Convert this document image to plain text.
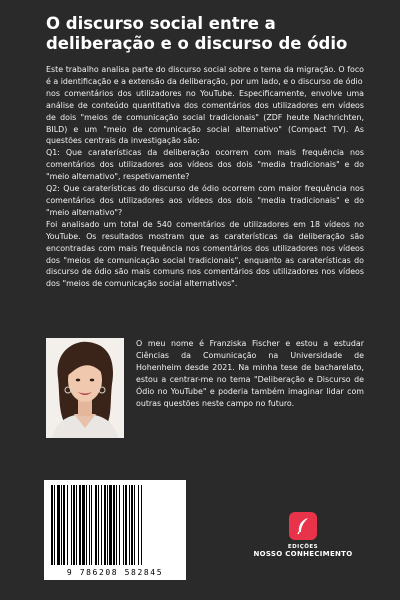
O discurso social entre a deliberação e o discurso de ódio

Este trabalho analisa parte do discurso social sobre o tema da migração. O foco é a identificação e a extensão da deliberação, por um lado, e o discurso de ódio

nos comentários dos utilizadores no YouTube. Especificamente, envolve uma análise de conteúdo quantitativa dos comentários dos utilizadores em vídeos de dois "meios de comunicação social tradicionais" (ZDF heute Nachrichten, BILD) e um "meio de comunicação social alternativo" (Compact TV). As questões centrais da investigação são:

Q1: Que caraterísticas da deliberação ocorrem com mais frequência nos comentários dos utilizadores aos vídeos dos dois "media tradicionais" e do "meio alternativo", respetivamente?

Q2: Que caraterísticas do discurso de ódio ocorrem com maior frequência nos comentários dos utilizadores aos vídeos dos dois "media tradicionais" e do "meio alternativo"?

Foi analisado um total de 540 comentários de utilizadores em 18 vídeos no YouTube. Os resultados mostram que as caraterísticas da deliberação são encontradas com mais frequência nos comentários dos utilizadores nos vídeos dos "meios de comunicação social tradicionais", enquanto as caraterísticas do discurso de ódio são mais comuns nos comentários dos utilizadores nos vídeos dos "meios de comunicação social alternativos".

O meu nome é Franziska Fischer e estou a estudar Ciências da Comunicação na Universidade de Hohenheim desde 2021. Na minha tese de bacharelato, estou a centrar-me no tema "Deliberação e Discurso de Ódio no YouTube" e poderia também imaginar lidar com outras questões neste campo no futuro.
9 786208 582845
EDIÇÕES
NOSSO CONHECIMENTO
